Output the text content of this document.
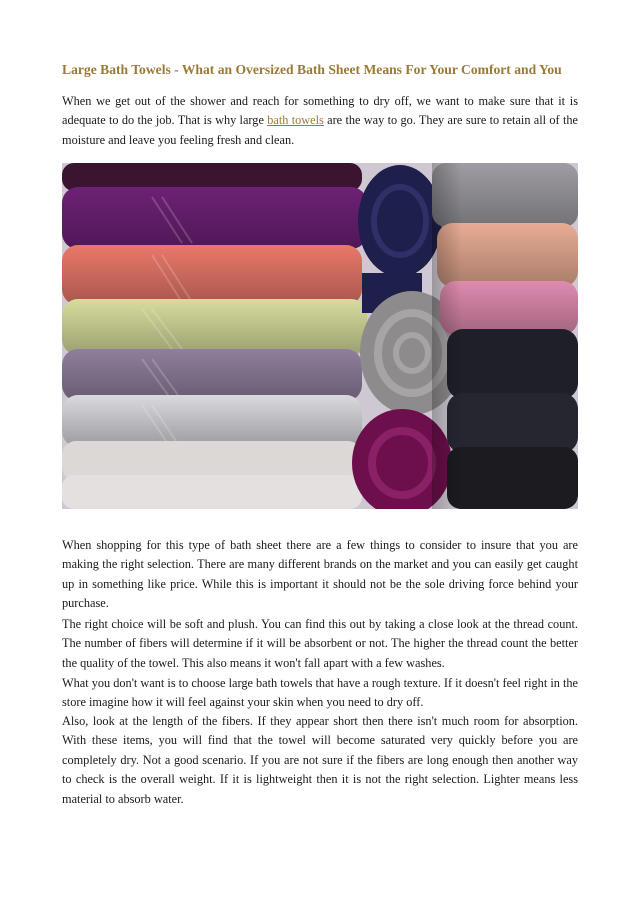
Large Bath Towels - What an Oversized Bath Sheet Means For Your Comfort and You

When we get out of the shower and reach for something to dry off, we want to make sure that it is adequate to do the job. That is why large bath towels are the way to go. They are sure to retain all of the moisture and leave you feeling fresh and clean.

When shopping for this type of bath sheet there are a few things to consider to insure that you are making the right selection. There are many different brands on the market and you can easily get caught up in something like price. While this is important it should not be the sole driving force behind your purchase.

The right choice will be soft and plush. You can find this out by taking a close look at the thread count. The number of fibers will determine if it will be absorbent or not. The higher the thread count the better the quality of the towel. This also means it won't fall apart with a few washes.

What you don't want is to choose large bath towels that have a rough texture. If it doesn't feel right in the store imagine how it will feel against your skin when you need to dry off.

Also, look at the length of the fibers. If they appear short then there isn't much room for absorption. With these items, you will find that the towel will become saturated very quickly before you are completely dry. Not a good scenario. If you are not sure if the fibers are long enough then another way to check is the overall weight. If it is lightweight then it is not the right selection. Lighter means less material to absorb water.
